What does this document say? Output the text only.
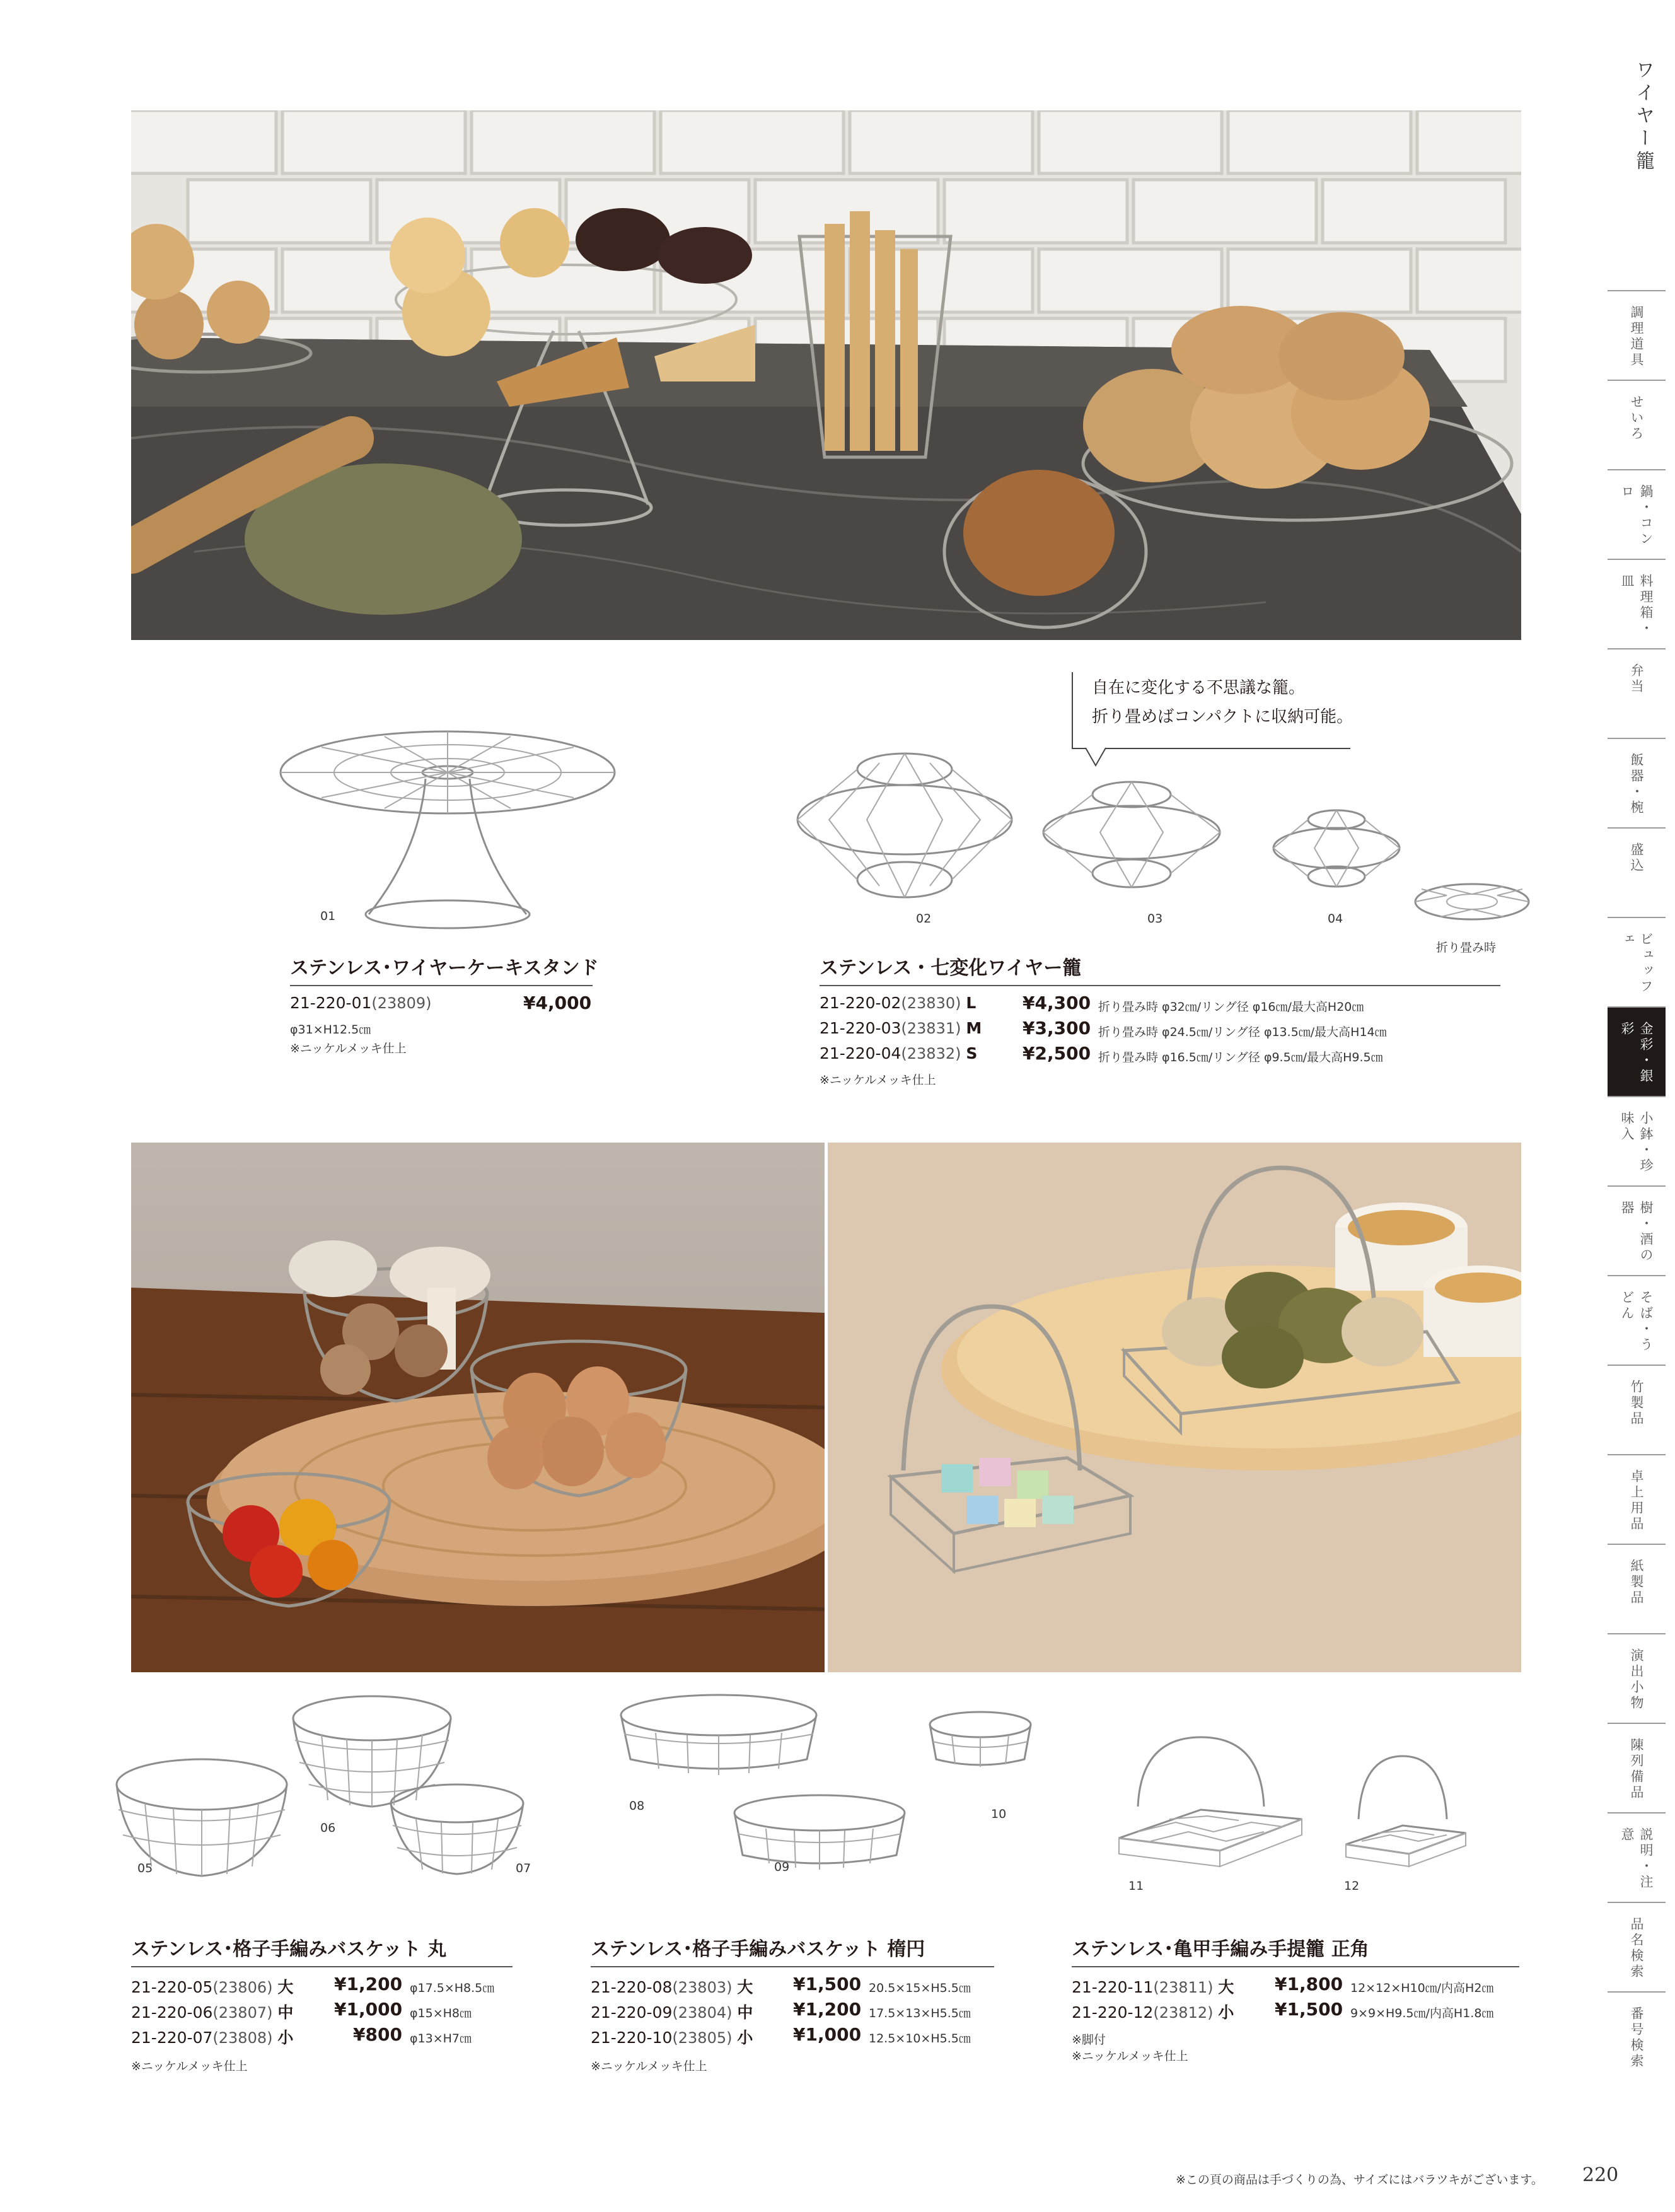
01
自在に変化する不思議な籠。
折り畳めばコンパクトに収納可能。
02	03	04
折り畳み時
ステンレス･ワイヤーケーキスタンド
21-220-01(23809)	¥4,000
φ31×H12.5㎝
※ニッケルメッキ仕上
ステンレス・七変化ワイヤー籠
21-220-02(23830) L	¥4,300 折り畳み時 φ32㎝/リング径 φ16㎝/最大高H20㎝
21-220-03(23831) M ¥3,300 折り畳み時 φ24.5㎝/リング径 φ13.5㎝/最大高H14㎝
21-220-04(23832) S	¥2,500 折り畳み時 φ16.5㎝/リング径 φ9.5㎝/最大高H9.5㎝
※ニッケルメッキ仕上
05
06
07
08
09
10
11	12
ステンレス･格子手編みバスケット 丸
21-220-05(23806) 大 ¥1,200 φ17.5×H8.5㎝
21-220-06(23807) 中 ¥1,000 φ15×H8㎝
21-220-07(23808) 小	¥800 φ13×H7㎝
※ニッケルメッキ仕上
ステンレス･格子手編みバスケット 楕円
21-220-08(23803) 大 ¥1,500 20.5×15×H5.5㎝
21-220-09(23804) 中 ¥1,200 17.5×13×H5.5㎝
21-220-10(23805) 小 ¥1,000 12.5×10×H5.5㎝
※ニッケルメッキ仕上
ステンレス･亀甲手編み手提籠 正角
21-220-11(23811) 大 ¥1,800 12×12×H10㎝/内高H2㎝
21-220-12(23812) 小 ¥1,500 9×9×H9.5㎝/内高H1.8㎝
※脚付
※ニッケルメッキ仕上
ワイヤー籠
調理道具
せいろ
鍋・コンロ
料理箱・皿
弁当
飯器・椀
盛込
ビュッフェ
金彩・銀彩
小鉢・珍味入
樹・酒の器
そば・うどん
竹製品
卓上用品
紙製品
演出小物
陳列備品
説明・注意
品名検索
番号検索
※この頁の商品は手づくりの為、サイズにはバラツキがございます。 220
